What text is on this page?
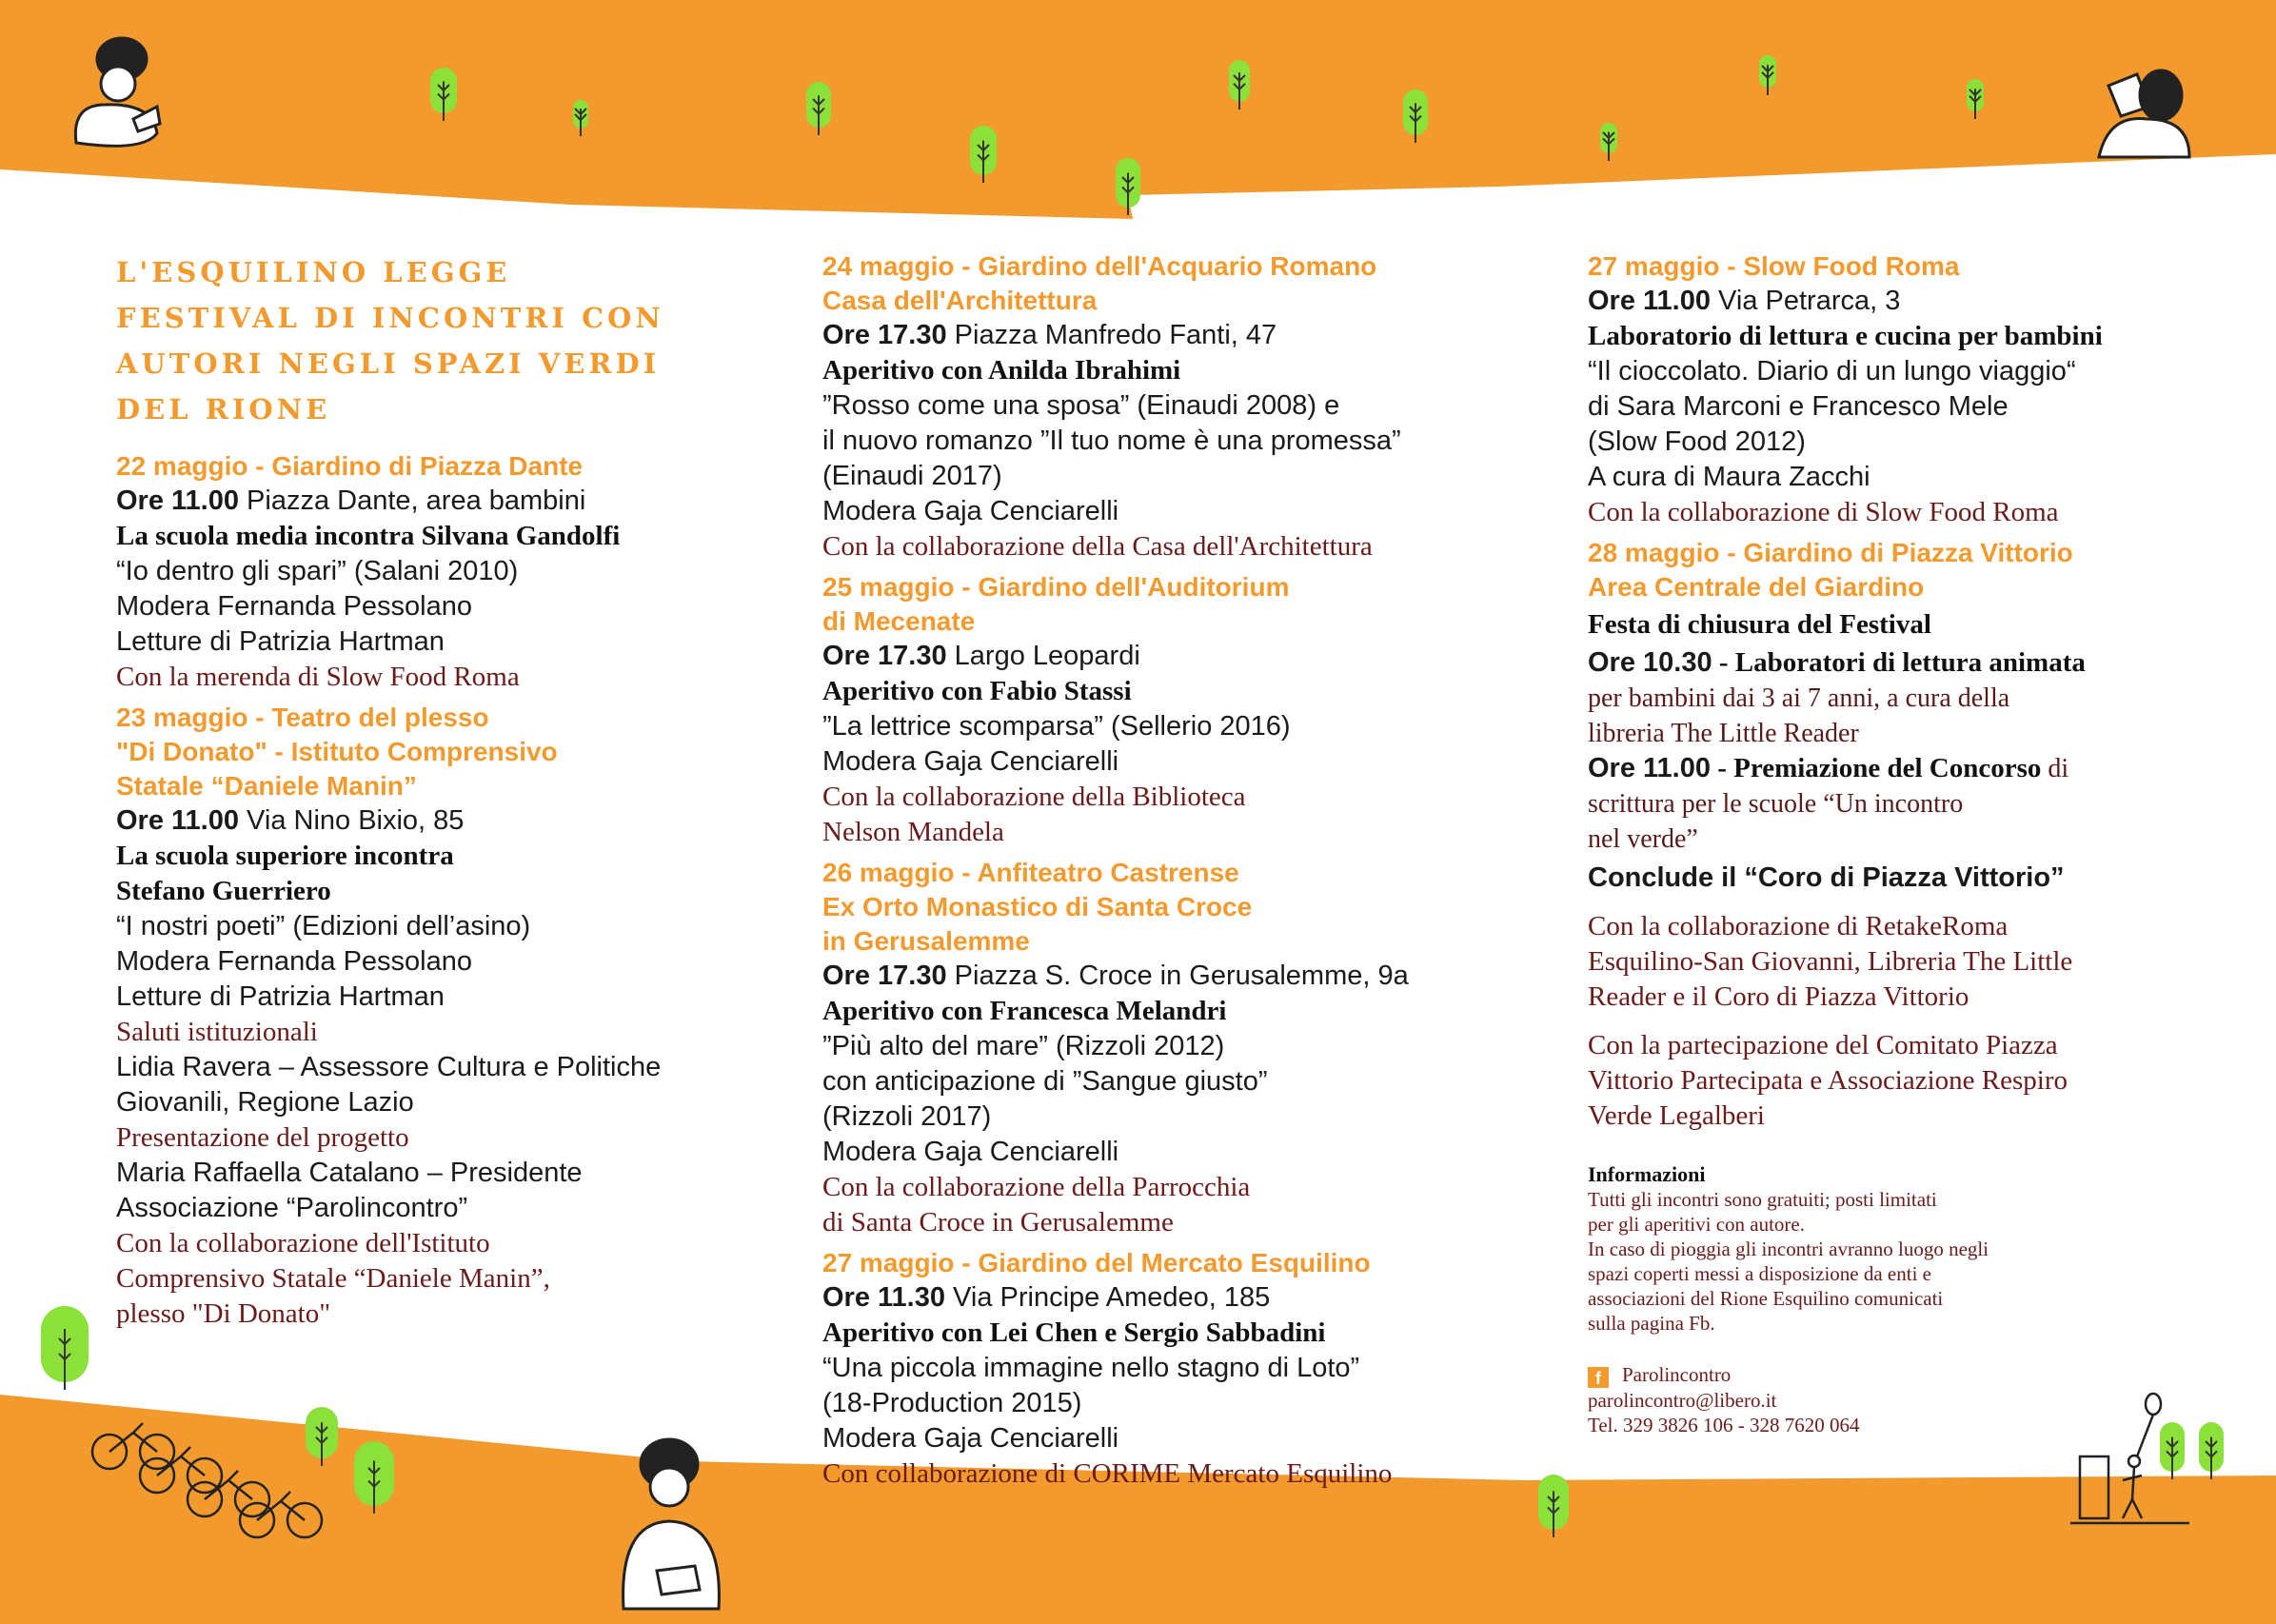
L'ESQUILINO LEGGE
FESTIVAL DI INCONTRI CON
AUTORI NEGLI SPAZI VERDI
DEL RIONE
22 maggio - Giardino di Piazza Dante
Ore 11.00 Piazza Dante, area bambini
La scuola media incontra Silvana Gandolfi
“Io dentro gli spari” (Salani 2010)
Modera Fernanda Pessolano
Letture di Patrizia Hartman
Con la merenda di Slow Food Roma
23 maggio - Teatro del plesso
"Di Donato" - Istituto Comprensivo
Statale “Daniele Manin”
Ore 11.00 Via Nino Bixio, 85
La scuola superiore incontra
Stefano Guerriero
“I nostri poeti” (Edizioni dell’asino)
Modera Fernanda Pessolano
Letture di Patrizia Hartman
Saluti istituzionali
Lidia Ravera – Assessore Cultura e Politiche
Giovanili, Regione Lazio
Presentazione del progetto
Maria Raffaella Catalano – Presidente
Associazione “Parolincontro”
Con la collaborazione dell'Istituto
Comprensivo Statale “Daniele Manin”,
plesso "Di Donato"
24 maggio - Giardino dell'Acquario Romano
Casa dell'Architettura
Ore 17.30 Piazza Manfredo Fanti, 47
Aperitivo con Anilda Ibrahimi
”Rosso come una sposa” (Einaudi 2008) e
il nuovo romanzo ”Il tuo nome è una promessa”
(Einaudi 2017)
Modera Gaja Cenciarelli
Con la collaborazione della Casa dell'Architettura
25 maggio - Giardino dell'Auditorium
di Mecenate
Ore 17.30 Largo Leopardi
Aperitivo con Fabio Stassi
”La lettrice scomparsa” (Sellerio 2016)
Modera Gaja Cenciarelli
Con la collaborazione della Biblioteca
Nelson Mandela
26 maggio - Anfiteatro Castrense
Ex Orto Monastico di Santa Croce
in Gerusalemme
Ore 17.30 Piazza S. Croce in Gerusalemme, 9a
Aperitivo con Francesca Melandri
”Più alto del mare” (Rizzoli 2012)
con anticipazione di ”Sangue giusto”
(Rizzoli 2017)
Modera Gaja Cenciarelli
Con la collaborazione della Parrocchia
di Santa Croce in Gerusalemme
27 maggio - Giardino del Mercato Esquilino
Ore 11.30 Via Principe Amedeo, 185
Aperitivo con Lei Chen e Sergio Sabbadini
“Una piccola immagine nello stagno di Loto”
(18-Production 2015)
Modera Gaja Cenciarelli
Con collaborazione di CORIME Mercato Esquilino
27 maggio - Slow Food Roma
Ore 11.00 Via Petrarca, 3
Laboratorio di lettura e cucina per bambini
“Il cioccolato. Diario di un lungo viaggio“
di Sara Marconi e Francesco Mele
(Slow Food 2012)
A cura di Maura Zacchi
Con la collaborazione di Slow Food Roma
28 maggio - Giardino di Piazza Vittorio
Area Centrale del Giardino
Festa di chiusura del Festival
Ore 10.30 - Laboratori di lettura animata
per bambini dai 3 ai 7 anni, a cura della
libreria The Little Reader
Ore 11.00 - Premiazione del Concorso di
scrittura per le scuole “Un incontro
nel verde”
Conclude il “Coro di Piazza Vittorio”
Con la collaborazione di RetakeRoma
Esquilino-San Giovanni, Libreria The Little
Reader e il Coro di Piazza Vittorio
Con la partecipazione del Comitato Piazza
Vittorio Partecipata e Associazione Respiro
Verde Legalberi
Informazioni
Tutti gli incontri sono gratuiti; posti limitati
per gli aperitivi con autore.
In caso di pioggia gli incontri avranno luogo negli
spazi coperti messi a disposizione da enti e
associazioni del Rione Esquilino comunicati
sulla pagina Fb.
f Parolincontro
parolincontro@libero.it
Tel. 329 3826 106 - 328 7620 064
